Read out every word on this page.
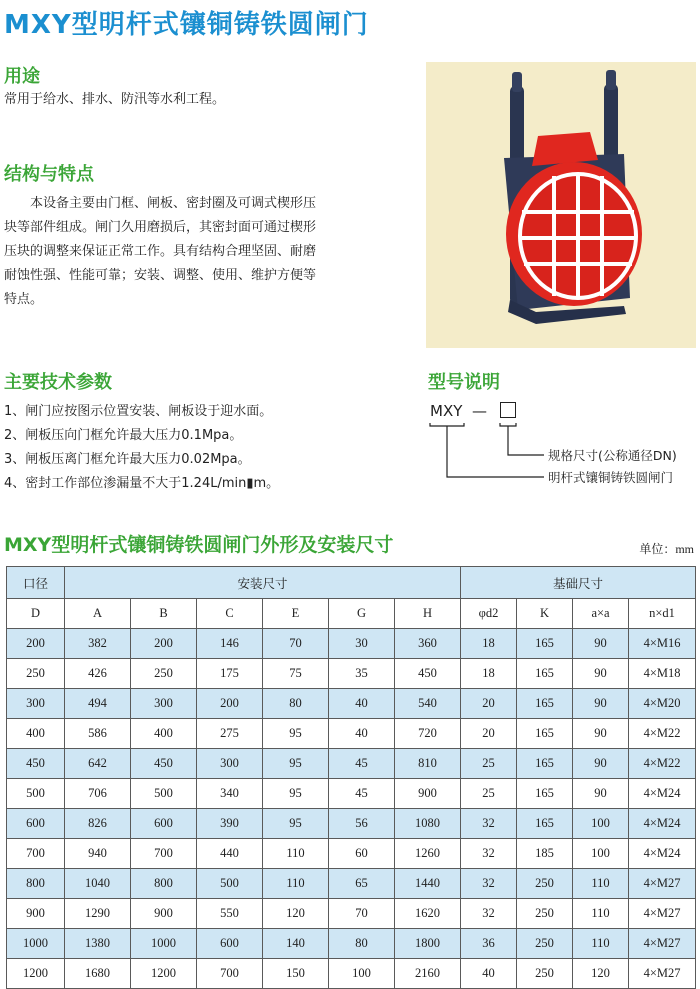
MXY型明杆式镶铜铸铁圆闸门
用途
常用于给水、排水、防汛等水利工程。
结构与特点
本设备主要由门框、闸板、密封圈及可调式楔形压
块等部件组成。闸门久用磨损后，其密封面可通过楔形
压块的调整来保证正常工作。具有结构合理坚固、耐磨
耐蚀性强、性能可靠；安装、调整、使用、维护方便等
特点。
主要技术参数
1、闸门应按图示位置安装、闸板设于迎水面。
2、闸板压向门框允许最大压力0.1Mpa。
3、闸板压离门框允许最大压力0.02Mpa。
4、密封工作部位渗漏量不大于1.24L/min▮m。
型号说明
MXY —
规格尺寸(公称通径DN)
明杆式镶铜铸铁圆闸门
MXY型明杆式镶铜铸铁圆闸门外形及安装尺寸	单位：mm
口径	安装尺寸						基础尺寸			
D	A	B	C	E	G	H	φd2	K	a×a	n×d1
200	382	200	146	70	30	360	18	165	90	4×M16
250	426	250	175	75	35	450	18	165	90	4×M18
300	494	300	200	80	40	540	20	165	90	4×M20
400	586	400	275	95	40	720	20	165	90	4×M22
450	642	450	300	95	45	810	25	165	90	4×M22
500	706	500	340	95	45	900	25	165	90	4×M24
600	826	600	390	95	56	1080	32	165	100	4×M24
700	940	700	440	110	60	1260	32	185	100	4×M24
800	1040	800	500	110	65	1440	32	250	110	4×M27
900	1290	900	550	120	70	1620	32	250	110	4×M27
1000	1380	1000	600	140	80	1800	36	250	110	4×M27
1200	1680	1200	700	150	100	2160	40	250	120	4×M27
